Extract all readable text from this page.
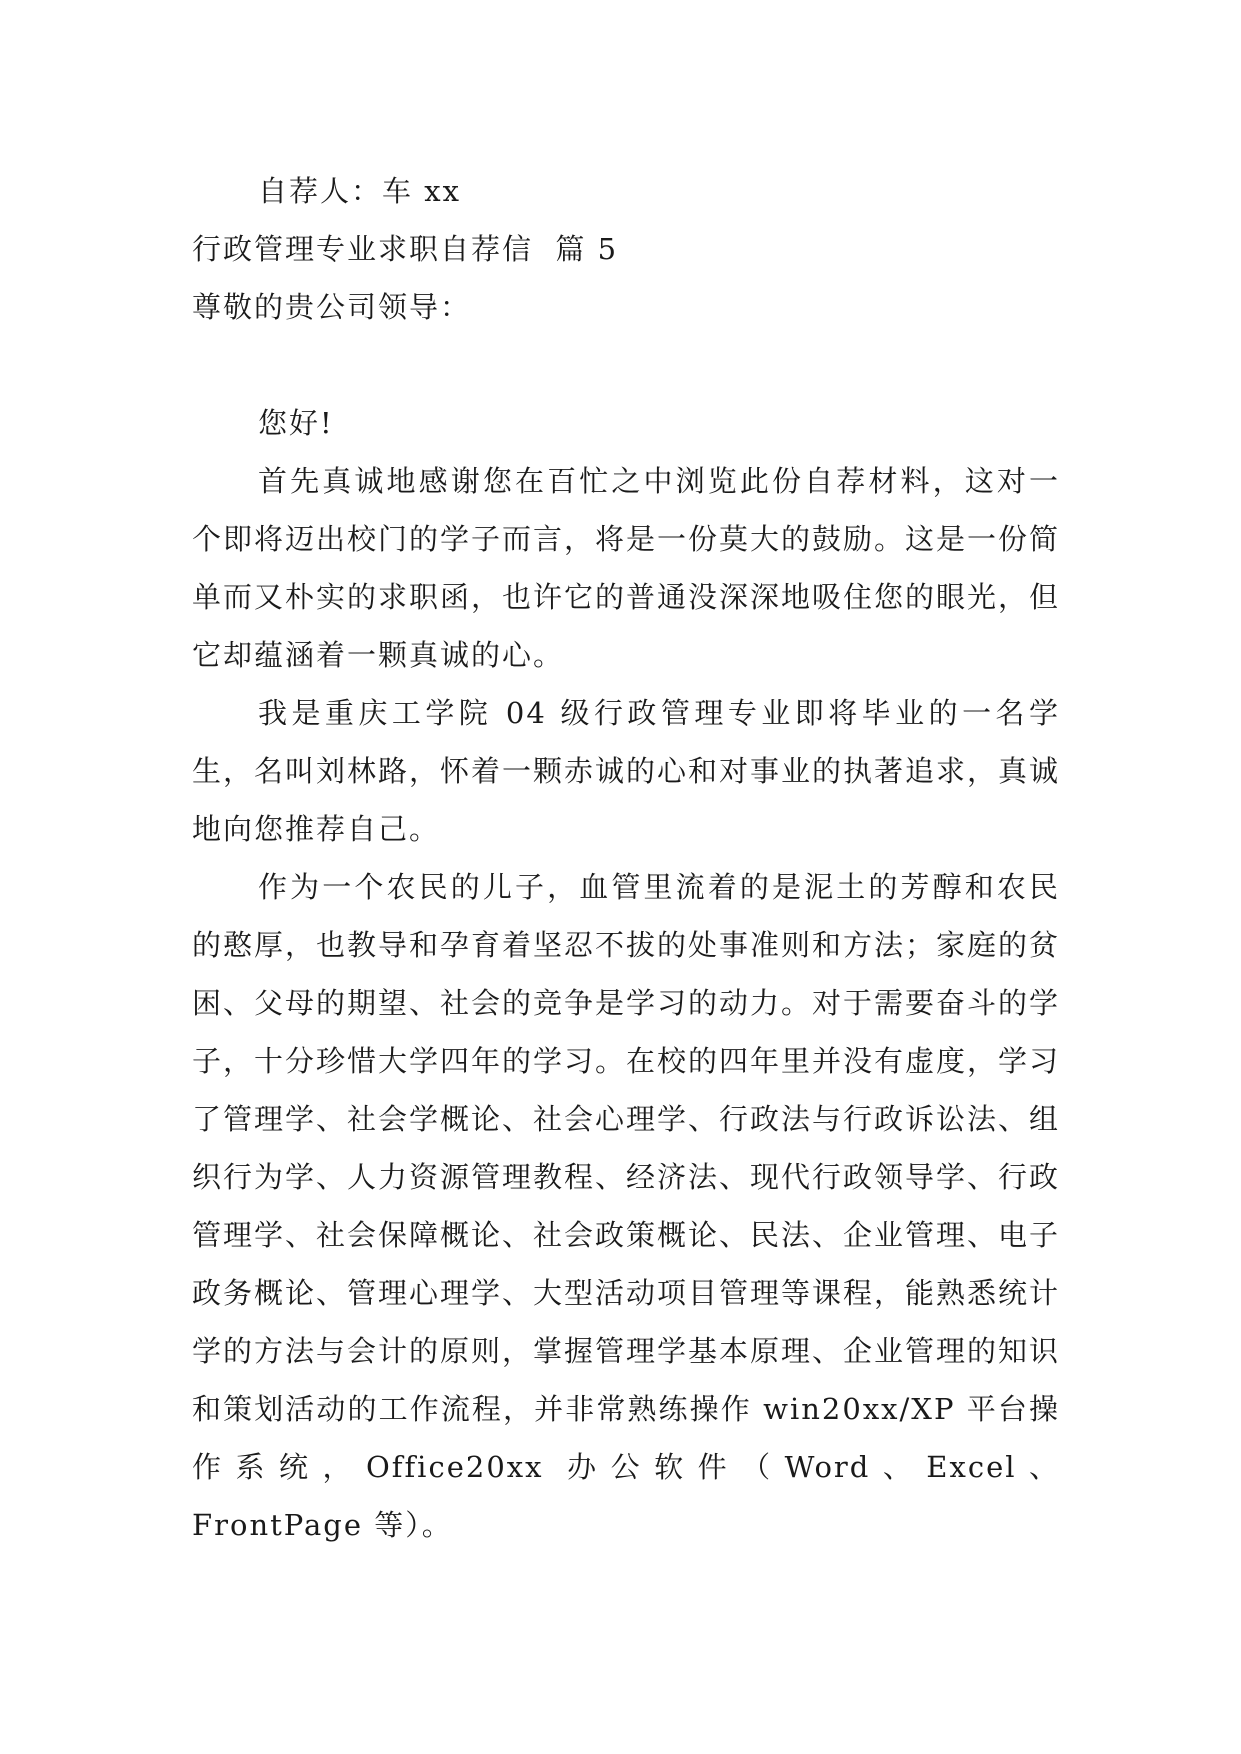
自荐人：车 xx
行政管理专业求职自荐信  篇 5
尊敬的贵公司领导：
您好!

首先真诚地感谢您在百忙之中浏览此份自荐材料，这对一个即将迈出校门的学子而言，将是一份莫大的鼓励。这是一份简单而又朴实的求职函，也许它的普通没深深地吸住您的眼光，但它却蕴涵着一颗真诚的心。

我是重庆工学院 04 级行政管理专业即将毕业的一名学生，名叫刘林路，怀着一颗赤诚的心和对事业的执著追求，真诚地向您推荐自己。

作为一个农民的儿子，血管里流着的是泥土的芳醇和农民的憨厚，也教导和孕育着坚忍不拔的处事准则和方法；家庭的贫困、父母的期望、社会的竞争是学习的动力。对于需要奋斗的学子，十分珍惜大学四年的学习。在校的四年里并没有虚度，学习了管理学、社会学概论、社会心理学、行政法与行政诉讼法、组织行为学、人力资源管理教程、经济法、现代行政领导学、行政管理学、社会保障概论、社会政策概论、民法、企业管理、电子政务概论、管理心理学、大型活动项目管理等课程，能熟悉统计学的方法与会计的原则，掌握管理学基本原理、企业管理的知识和策划活动的工作流程，并非常熟练操作 win20xx/XP 平台操作系统，Office20xx 办公软件（Word、Excel、FrontPage 等）。
